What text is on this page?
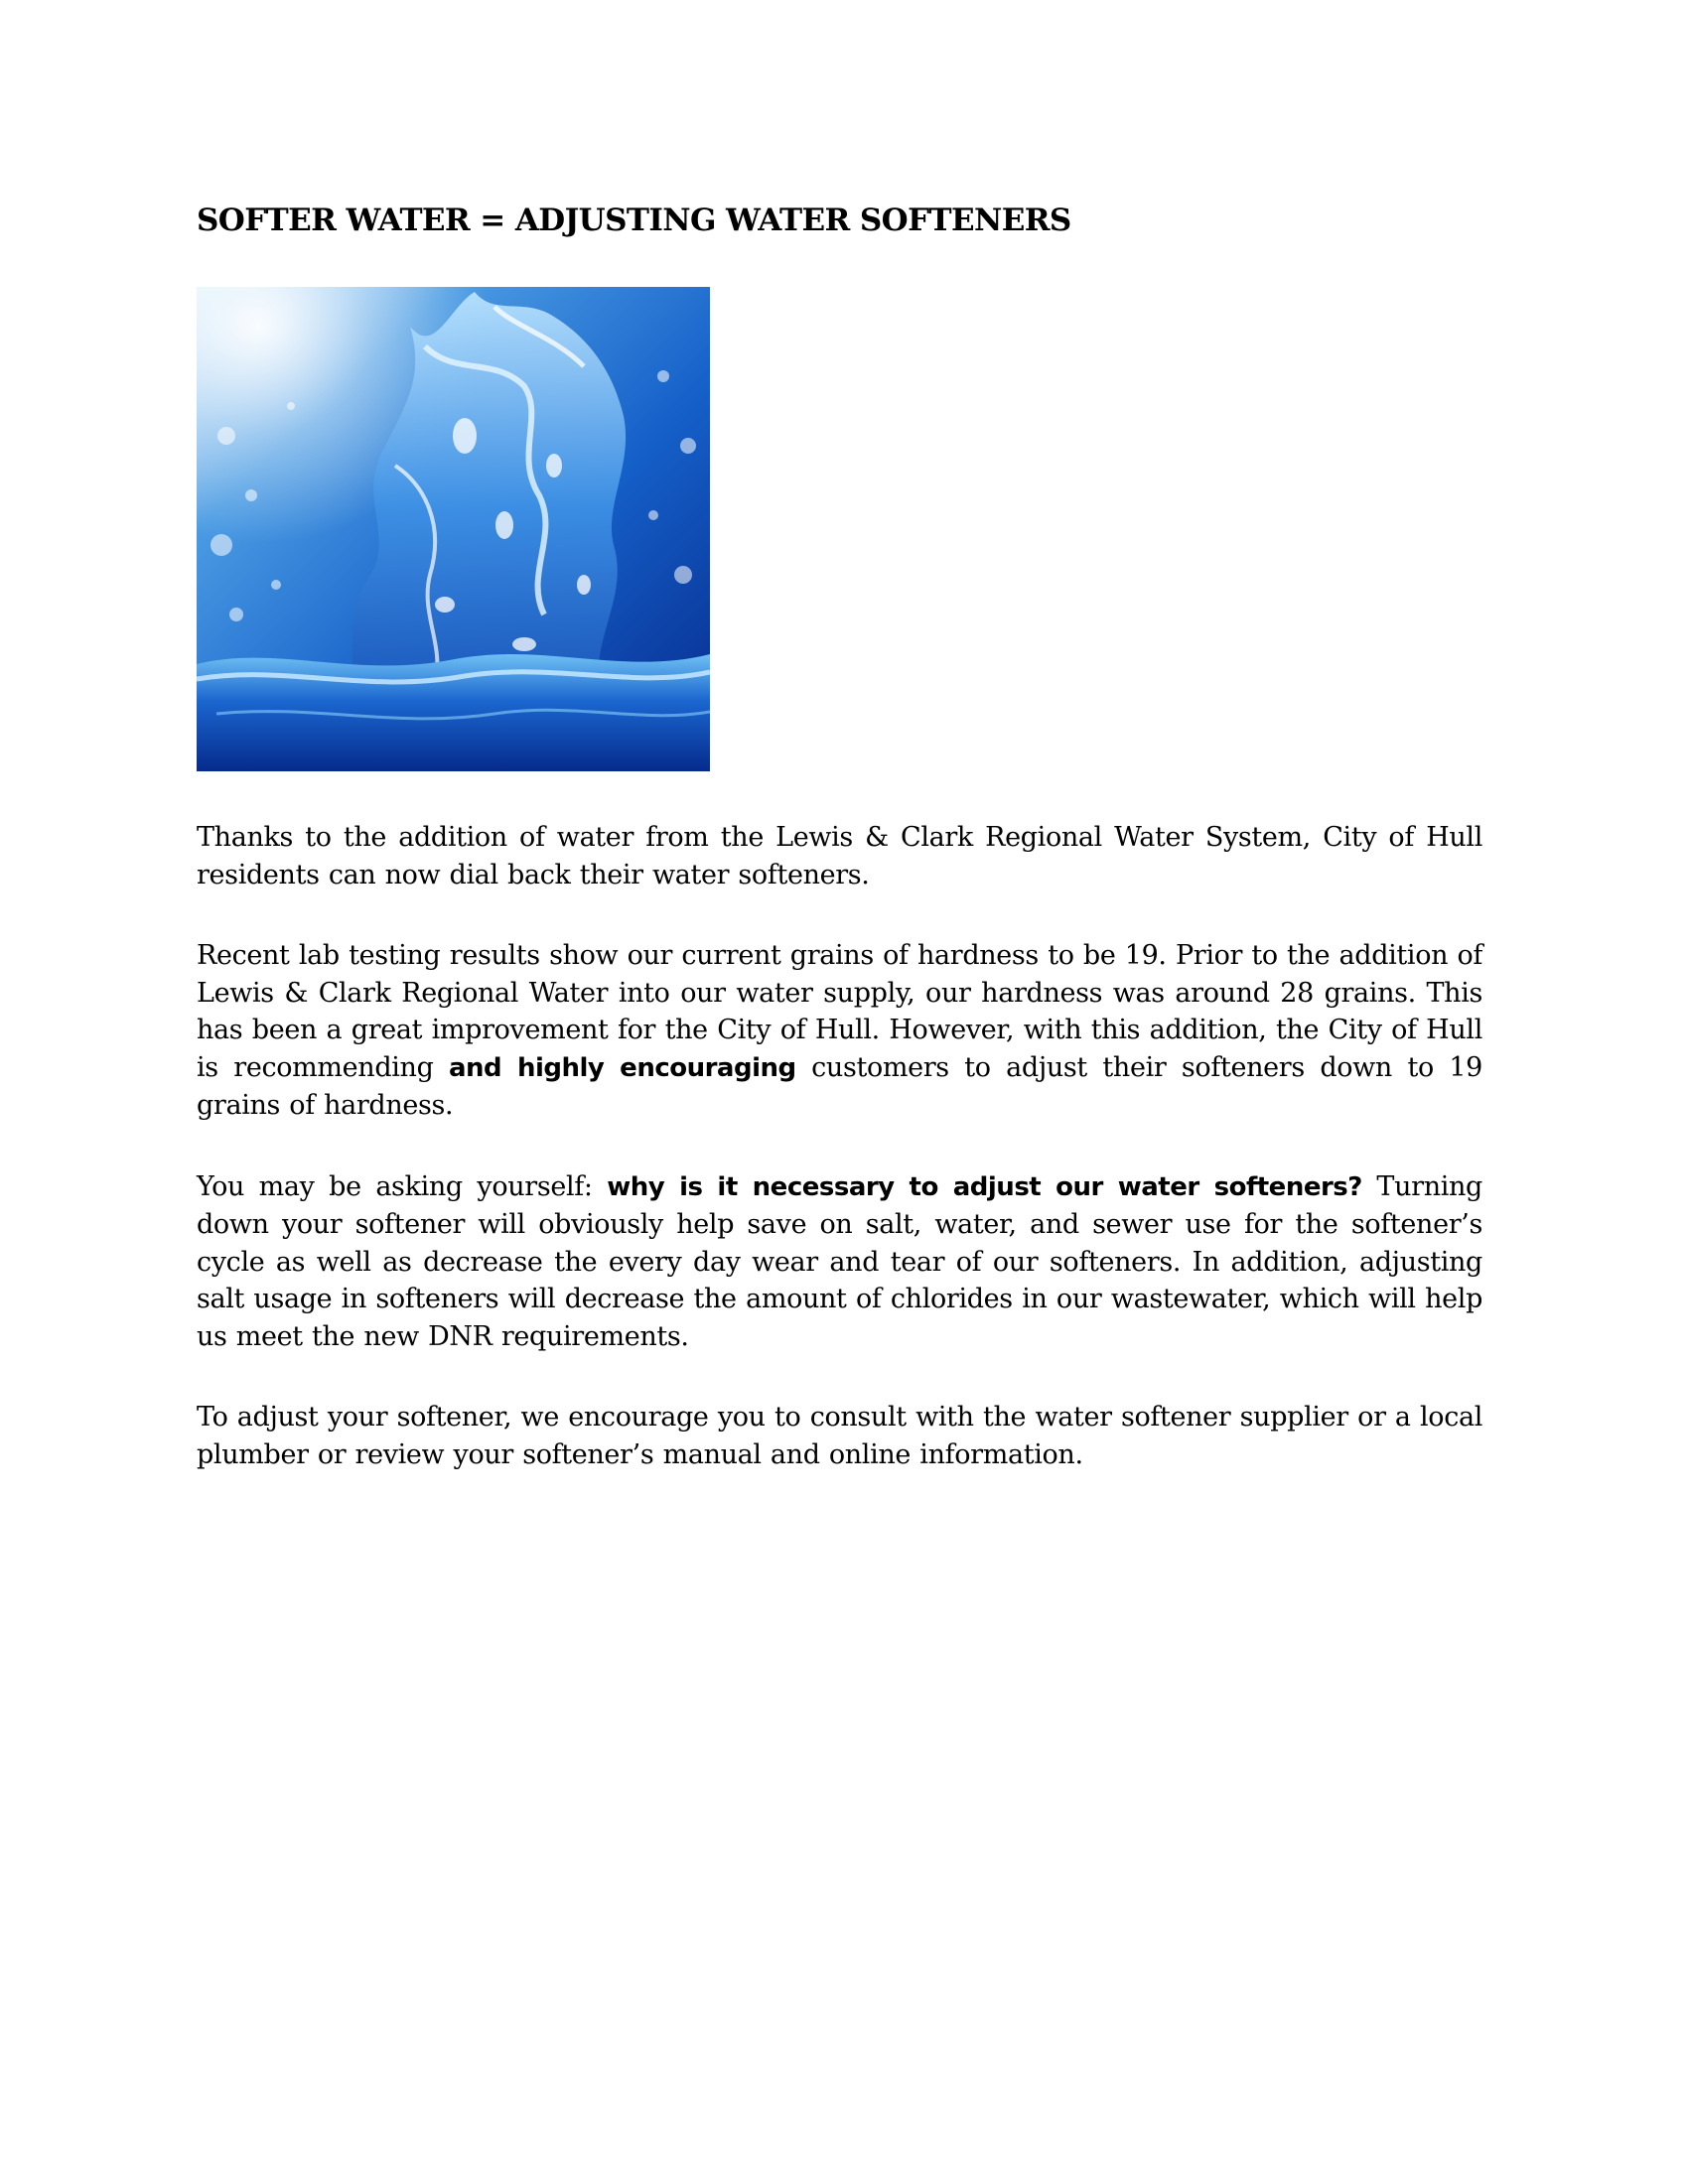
SOFTER WATER = ADJUSTING WATER SOFTENERS

Thanks to the addition of water from the Lewis & Clark Regional Water System, City of Hull residents can now dial back their water softeners.

Recent lab testing results show our current grains of hardness to be 19. Prior to the addition of Lewis & Clark Regional Water into our water supply, our hardness was around 28 grains. This has been a great improvement for the City of Hull. However, with this addition, the City of Hull is recommending and highly encouraging customers to adjust their softeners down to 19 grains of hardness.

You may be asking yourself: why is it necessary to adjust our water softeners? Turning down your softener will obviously help save on salt, water, and sewer use for the softener’s cycle as well as decrease the every day wear and tear of our softeners. In addition, adjusting salt usage in softeners will decrease the amount of chlorides in our wastewater, which will help us meet the new DNR requirements.

To adjust your softener, we encourage you to consult with the water softener supplier or a local plumber or review your softener’s manual and online information.
